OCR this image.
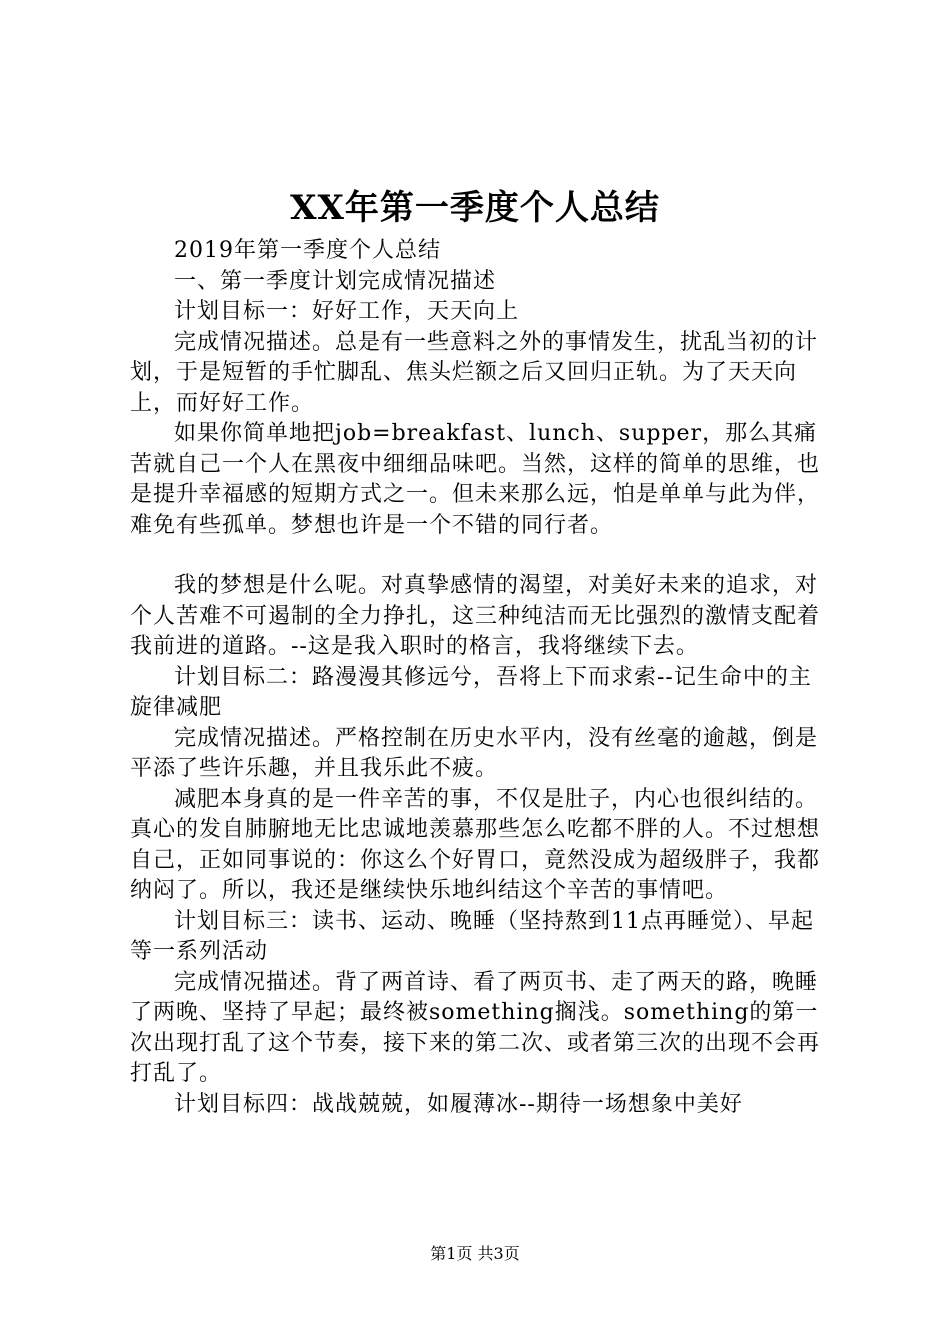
XX年第一季度个人总结

2019年第一季度个人总结

一、第一季度计划完成情况描述

计划目标一：好好工作，天天向上

完成情况描述。总是有一些意料之外的事情发生，扰乱当初的计划，于是短暂的手忙脚乱、焦头烂额之后又回归正轨。为了天天向上，而好好工作。

如果你简单地把job=breakfast、lunch、supper，那么其痛苦就自己一个人在黑夜中细细品味吧。当然，这样的简单的思维，也是提升幸福感的短期方式之一。但未来那么远，怕是单单与此为伴，难免有些孤单。梦想也许是一个不错的同行者。

我的梦想是什么呢。对真挚感情的渴望，对美好未来的追求，对个人苦难不可遏制的全力挣扎，这三种纯洁而无比强烈的激情支配着我前进的道路。--这是我入职时的格言，我将继续下去。

计划目标二：路漫漫其修远兮，吾将上下而求索--记生命中的主旋律减肥

完成情况描述。严格控制在历史水平内，没有丝毫的逾越，倒是平添了些许乐趣，并且我乐此不疲。

减肥本身真的是一件辛苦的事，不仅是肚子，内心也很纠结的。真心的发自肺腑地无比忠诚地羡慕那些怎么吃都不胖的人。不过想想自己，正如同事说的：你这么个好胃口，竟然没成为超级胖子，我都纳闷了。所以，我还是继续快乐地纠结这个辛苦的事情吧。

计划目标三：读书、运动、晚睡（坚持熬到11点再睡觉）、早起等一系列活动

完成情况描述。背了两首诗、看了两页书、走了两天的路，晚睡了两晚、坚持了早起；最终被something搁浅。something的第一次出现打乱了这个节奏，接下来的第二次、或者第三次的出现不会再打乱了。

计划目标四：战战兢兢，如履薄冰--期待一场想象中美好

第1页 共3页
